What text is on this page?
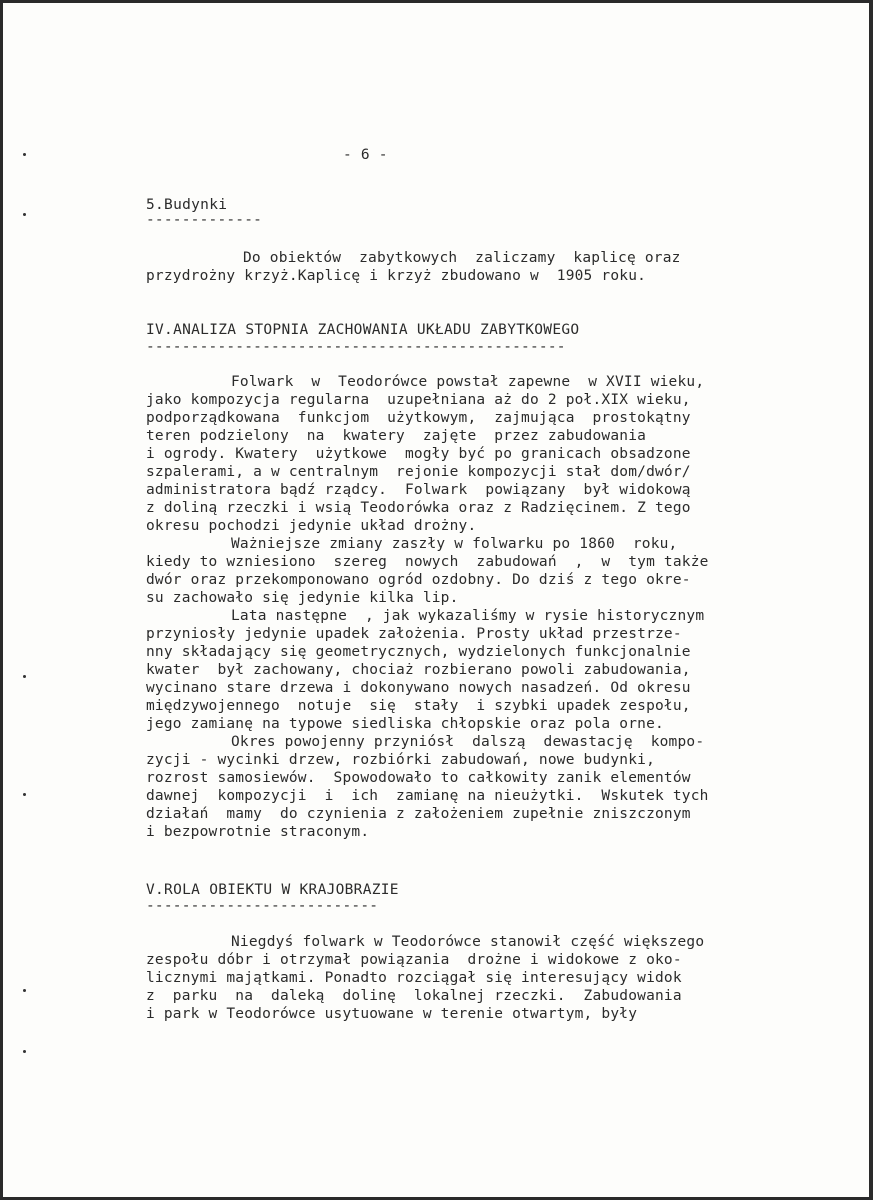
- 6 -
5.Budynki
-------------
Do obiektów  zabytkowych  zaliczamy  kaplicę oraz
przydrożny krzyż.Kaplicę i krzyż zbudowano w  1905 roku.
IV.ANALIZA STOPNIA ZACHOWANIA UKŁADU ZABYTKOWEGO
-----------------------------------------------
Folwark  w  Teodorówce powstał zapewne  w XVII wieku,
jako kompozycja regularna  uzupełniana aż do 2 poł.XIX wieku,
podporządkowana  funkcjom  użytkowym,  zajmująca  prostokątny
teren podzielony  na  kwatery  zajęte  przez zabudowania
i ogrody. Kwatery  użytkowe  mogły być po granicach obsadzone
szpalerami, a w centralnym  rejonie kompozycji stał dom/dwór/
administratora bądź rządcy.  Folwark  powiązany  był widokową
z doliną rzeczki i wsią Teodorówka oraz z Radzięcinem. Z tego
okresu pochodzi jedynie układ drożny.
Ważniejsze zmiany zaszły w folwarku po 1860  roku,
kiedy to wzniesiono  szereg  nowych  zabudowań  ,  w  tym także
dwór oraz przekomponowano ogród ozdobny. Do dziś z tego okre-
su zachowało się jedynie kilka lip.
Lata następne  , jak wykazaliśmy w rysie historycznym
przyniosły jedynie upadek założenia. Prosty układ przestrze-
nny składający się geometrycznych, wydzielonych funkcjonalnie
kwater  był zachowany, chociaż rozbierano powoli zabudowania,
wycinano stare drzewa i dokonywano nowych nasadzeń. Od okresu
międzywojennego  notuje  się  stały  i szybki upadek zespołu,
jego zamianę na typowe siedliska chłopskie oraz pola orne.
Okres powojenny przyniósł  dalszą  dewastację  kompo-
zycji - wycinki drzew, rozbiórki zabudowań, nowe budynki,
rozrost samosiewów.  Spowodowało to całkowity zanik elementów
dawnej  kompozycji  i  ich  zamianę na nieużytki.  Wskutek tych
działań  mamy  do czynienia z założeniem zupełnie zniszczonym
i bezpowrotnie straconym.
V.ROLA OBIEKTU W KRAJOBRAZIE
--------------------------
Niegdyś folwark w Teodorówce stanowił część większego
zespołu dóbr i otrzymał powiązania  drożne i widokowe z oko-
licznymi majątkami. Ponadto rozciągał się interesujący widok
z  parku  na  daleką  dolinę  lokalnej rzeczki.  Zabudowania
i park w Teodorówce usytuowane w terenie otwartym, były
